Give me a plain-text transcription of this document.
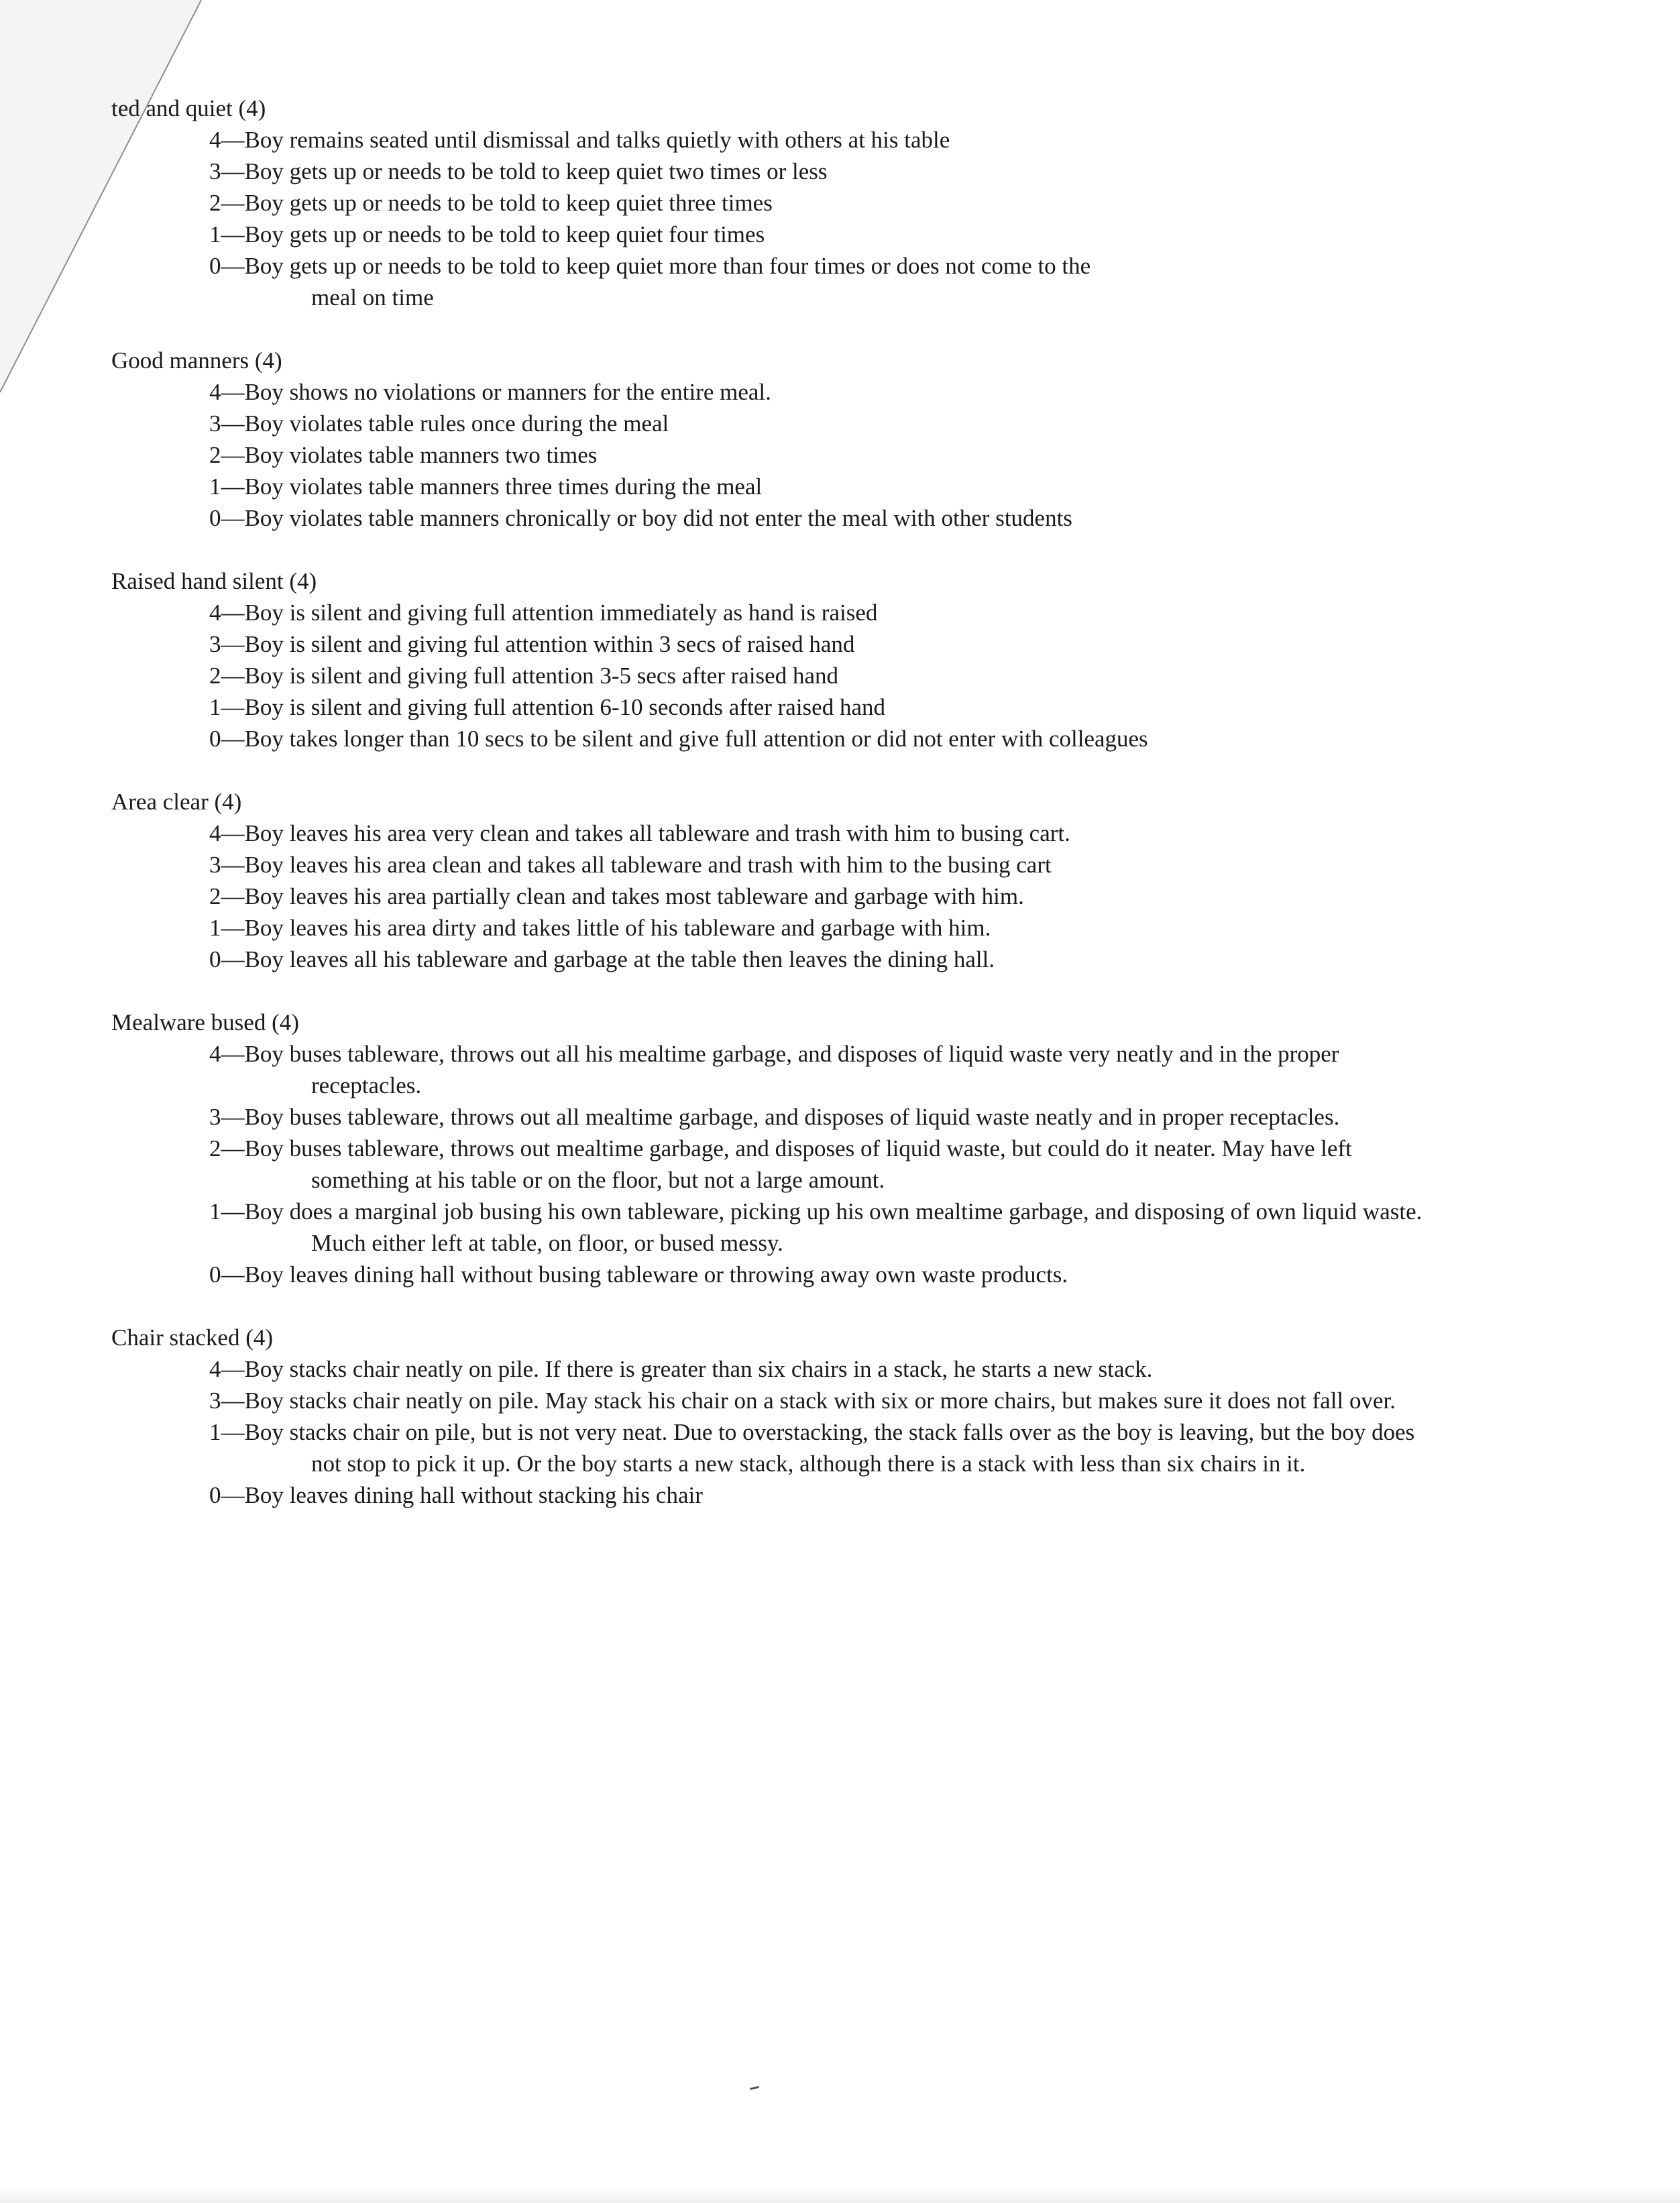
ted and quiet (4)
4—Boy remains seated until dismissal and talks quietly with others at his table
3—Boy gets up or needs to be told to keep quiet two times or less
2—Boy gets up or needs to be told to keep quiet three times
1—Boy gets up or needs to be told to keep quiet four times
0—Boy gets up or needs to be told to keep quiet more than four times or does not come to the
meal on time
Good manners (4)
4—Boy shows no violations or manners for the entire meal.
3—Boy violates table rules once during the meal
2—Boy violates table manners two times
1—Boy violates table manners three times during the meal
0—Boy violates table manners chronically or boy did not enter the meal with other students
Raised hand silent (4)
4—Boy is silent and giving full attention immediately as hand is raised
3—Boy is silent and giving ful attention within 3 secs of raised hand
2—Boy is silent and giving full attention 3-5 secs after raised hand
1—Boy is silent and giving full attention 6-10 seconds after raised hand
0—Boy takes longer than 10 secs to be silent and give full attention or did not enter with colleagues
Area clear (4)
4—Boy leaves his area very clean and takes all tableware and trash with him to busing cart.
3—Boy leaves his area clean and takes all tableware and trash with him to the busing cart
2—Boy leaves his area partially clean and takes most tableware and garbage with him.
1—Boy leaves his area dirty and takes little of his tableware and garbage with him.
0—Boy leaves all his tableware and garbage at the table then leaves the dining hall.
Mealware bused (4)
4—Boy buses tableware, throws out all his mealtime garbage, and disposes of liquid waste very neatly and in the proper
receptacles.
3—Boy buses tableware, throws out all mealtime garbage, and disposes of liquid waste neatly and in proper receptacles.
2—Boy buses tableware, throws out mealtime garbage, and disposes of liquid waste, but could do it neater. May have left
something at his table or on the floor, but not a large amount.
1—Boy does a marginal job busing his own tableware, picking up his own mealtime garbage, and disposing of own liquid waste.
Much either left at table, on floor, or bused messy.
0—Boy leaves dining hall without busing tableware or throwing away own waste products.
Chair stacked (4)
4—Boy stacks chair neatly on pile. If there is greater than six chairs in a stack, he starts a new stack.
3—Boy stacks chair neatly on pile. May stack his chair on a stack with six or more chairs, but makes sure it does not fall over.
1—Boy stacks chair on pile, but is not very neat. Due to overstacking, the stack falls over as the boy is leaving, but the boy does
not stop to pick it up. Or the boy starts a new stack, although there is a stack with less than six chairs in it.
0—Boy leaves dining hall without stacking his chair
